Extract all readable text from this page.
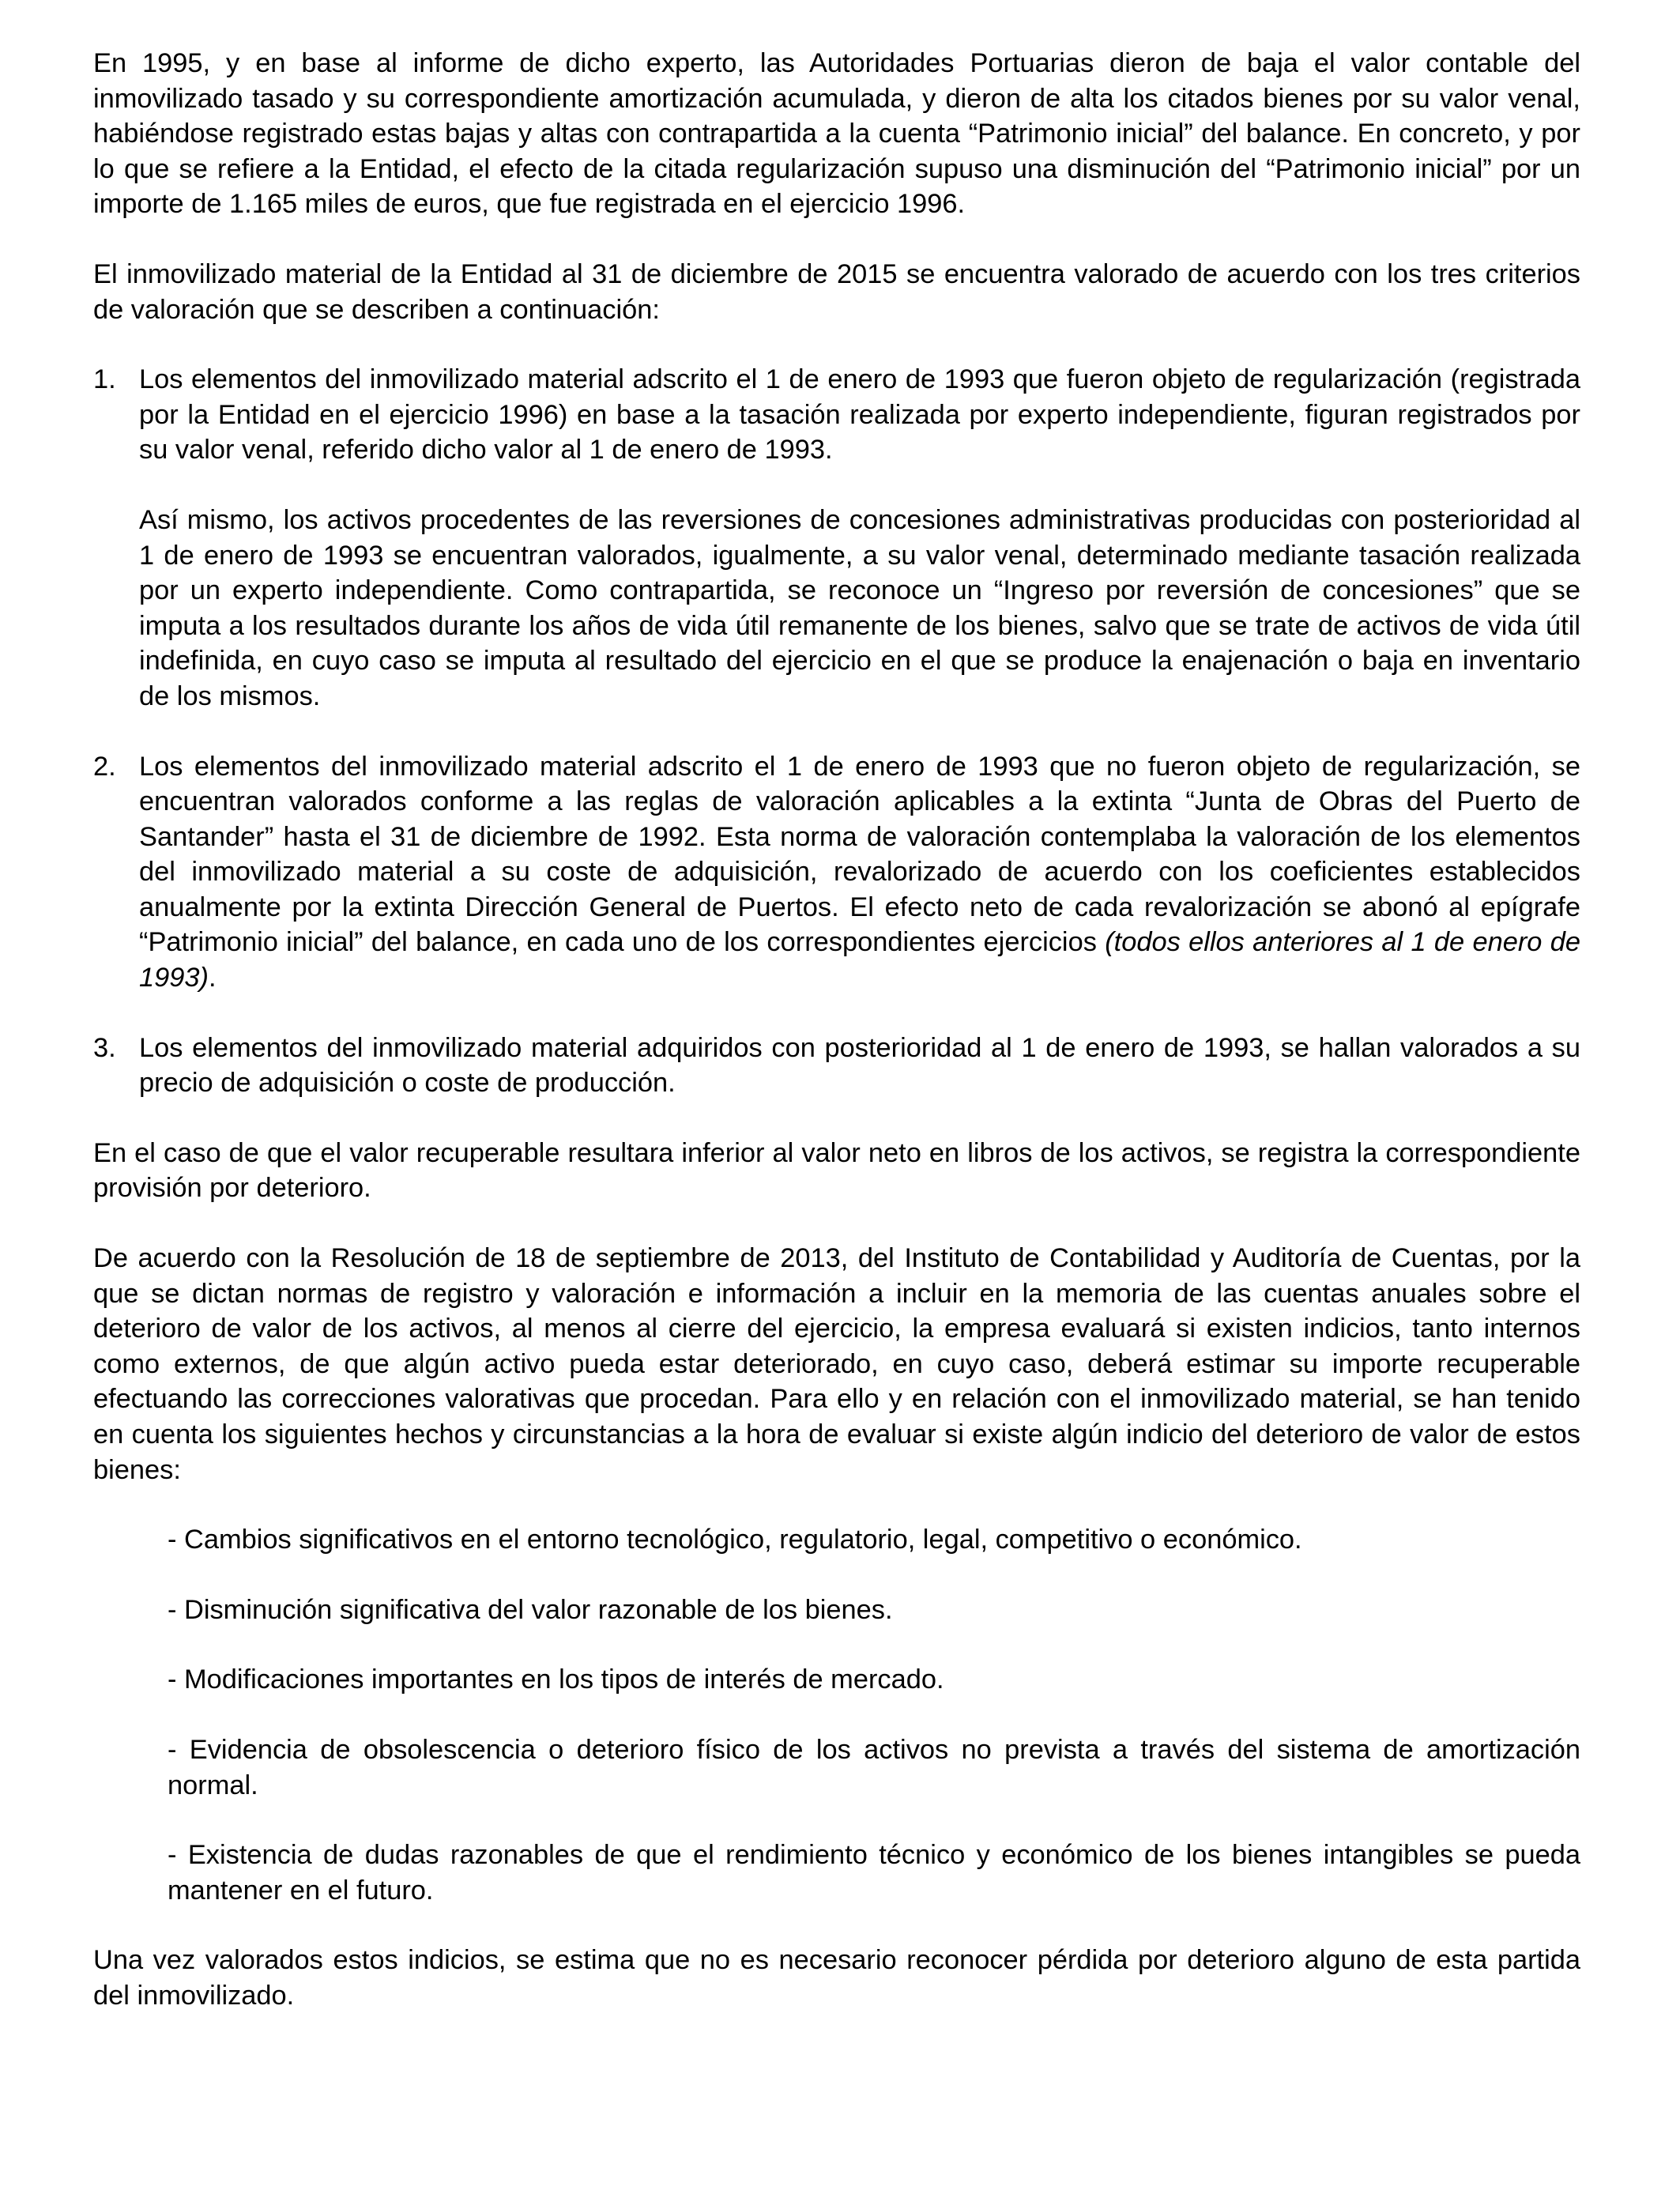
En 1995, y en base al informe de dicho experto, las Autoridades Portuarias dieron de baja el valor contable del inmovilizado tasado y su correspondiente amortización acumulada, y dieron de alta los citados bienes por su valor venal, habiéndose registrado estas bajas y altas con contrapartida a la cuenta “Patrimonio inicial” del balance. En concreto, y por lo que se refiere a la Entidad, el efecto de la citada regularización supuso una disminución del “Patrimonio inicial” por un importe de 1.165 miles de euros, que fue registrada en el ejercicio 1996.

El inmovilizado material de la Entidad al 31 de diciembre de 2015 se encuentra valorado de acuerdo con los tres criterios de valoración que se describen a continuación:

1. Los elementos del inmovilizado material adscrito el 1 de enero de 1993 que fueron objeto de regularización (registrada por la Entidad en el ejercicio 1996) en base a la tasación realizada por experto independiente, figuran registrados por su valor venal, referido dicho valor al 1 de enero de 1993.

Así mismo, los activos procedentes de las reversiones de concesiones administrativas producidas con posterioridad al 1 de enero de 1993 se encuentran valorados, igualmente, a su valor venal, determinado mediante tasación realizada por un experto independiente. Como contrapartida, se reconoce un “Ingreso por reversión de concesiones” que se imputa a los resultados durante los años de vida útil remanente de los bienes, salvo que se trate de activos de vida útil indefinida, en cuyo caso se imputa al resultado del ejercicio en el que se produce la enajenación o baja en inventario de los mismos.

2. Los elementos del inmovilizado material adscrito el 1 de enero de 1993 que no fueron objeto de regularización, se encuentran valorados conforme a las reglas de valoración aplicables a la extinta “Junta de Obras del Puerto de Santander” hasta el 31 de diciembre de 1992. Esta norma de valoración contemplaba la valoración de los elementos del inmovilizado material a su coste de adquisición, revalorizado de acuerdo con los coeficientes establecidos anualmente por la extinta Dirección General de Puertos. El efecto neto de cada revalorización se abonó al epígrafe “Patrimonio inicial” del balance, en cada uno de los correspondientes ejercicios (todos ellos anteriores al 1 de enero de 1993).

3. Los elementos del inmovilizado material adquiridos con posterioridad al 1 de enero de 1993, se hallan valorados a su precio de adquisición o coste de producción.

En el caso de que el valor recuperable resultara inferior al valor neto en libros de los activos, se registra la correspondiente provisión por deterioro.

De acuerdo con la Resolución de 18 de septiembre de 2013, del Instituto de Contabilidad y Auditoría de Cuentas, por la que se dictan normas de registro y valoración e información a incluir en la memoria de las cuentas anuales sobre el deterioro de valor de los activos, al menos al cierre del ejercicio, la empresa evaluará si existen indicios, tanto internos como externos, de que algún activo pueda estar deteriorado, en cuyo caso, deberá estimar su importe recuperable efectuando las correcciones valorativas que procedan. Para ello y en relación con el inmovilizado material, se han tenido en cuenta los siguientes hechos y circunstancias a la hora de evaluar si existe algún indicio del deterioro de valor de estos bienes:

- Cambios significativos en el entorno tecnológico, regulatorio, legal, competitivo o económico.

- Disminución significativa del valor razonable de los bienes.

- Modificaciones importantes en los tipos de interés de mercado.

- Evidencia de obsolescencia o deterioro físico de los activos no prevista a través del sistema de amortización normal.

- Existencia de dudas razonables de que el rendimiento técnico y económico de los bienes intangibles se pueda mantener en el futuro.

Una vez valorados estos indicios, se estima que no es necesario reconocer pérdida por deterioro alguno de esta partida del inmovilizado.
